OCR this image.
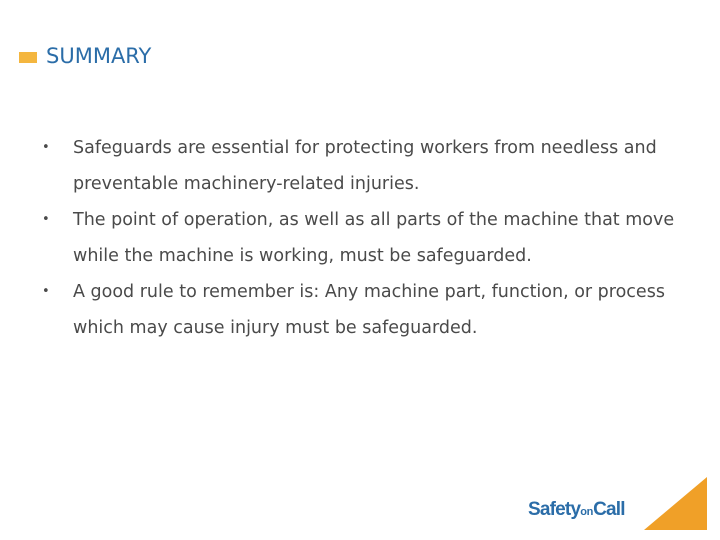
SUMMARY
• Safeguards are essential for protecting workers from needless and preventable machinery-related injuries.
• The point of operation, as well as all parts of the machine that move while the machine is working, must be safeguarded.
• A good rule to remember is: Any machine part, function, or process which may cause injury must be safeguarded.
SafetyonCall
